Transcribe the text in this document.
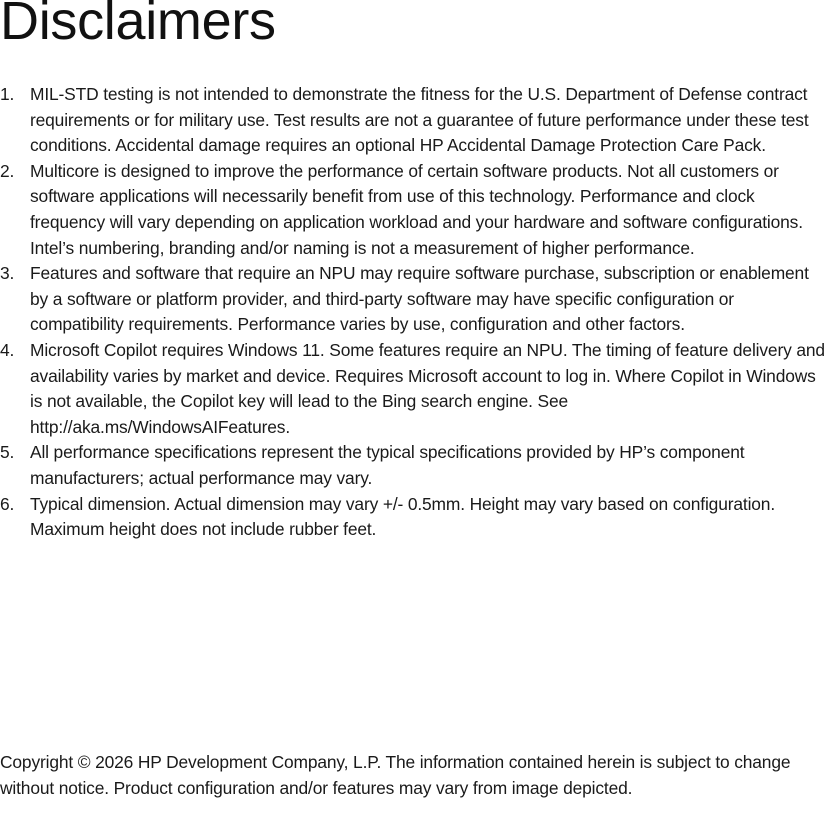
Disclaimers
1. MIL-STD testing is not intended to demonstrate the fitness for the U.S. Department of Defense contract requirements or for military use. Test results are not a guarantee of future performance under these test conditions. Accidental damage requires an optional HP Accidental Damage Protection Care Pack.
2. Multicore is designed to improve the performance of certain software products. Not all customers or software applications will necessarily benefit from use of this technology. Performance and clock frequency will vary depending on application workload and your hardware and software configurations. Intel’s numbering, branding and/or naming is not a measurement of higher performance.
3. Features and software that require an NPU may require software purchase, subscription or enablement by a software or platform provider, and third-party software may have specific configuration or compatibility requirements. Performance varies by use, configuration and other factors.
4. Microsoft Copilot requires Windows 11. Some features require an NPU. The timing of feature delivery and availability varies by market and device. Requires Microsoft account to log in. Where Copilot in Windows is not available, the Copilot key will lead to the Bing search engine. See http://aka.ms/WindowsAIFeatures.
5. All performance specifications represent the typical specifications provided by HP’s component manufacturers; actual performance may vary.
6. Typical dimension. Actual dimension may vary +/- 0.5mm. Height may vary based on configuration. Maximum height does not include rubber feet.

Copyright © 2026 HP Development Company, L.P. The information contained herein is subject to change without notice. Product configuration and/or features may vary from image depicted.
